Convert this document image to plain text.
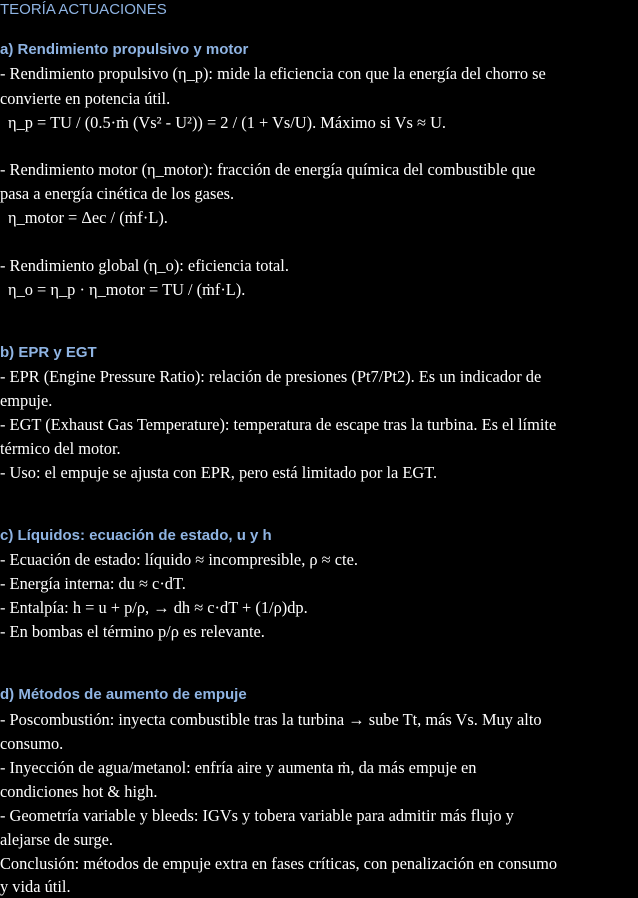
TEORÍA ACTUACIONES
a) Rendimiento propulsivo y motor
- Rendimiento propulsivo (η_p): mide la eficiencia con que la energía del chorro se
convierte en potencia útil.
η_p = TU / (0.5·ṁ (Vs² - U²)) = 2 / (1 + Vs/U). Máximo si Vs ≈ U.
- Rendimiento motor (η_motor): fracción de energía química del combustible que
pasa a energía cinética de los gases.
η_motor = Δec / (ṁf·L).
- Rendimiento global (η_o): eficiencia total.
η_o = η_p · η_motor = TU / (ṁf·L).
b) EPR y EGT
- EPR (Engine Pressure Ratio): relación de presiones (Pt7/Pt2). Es un indicador de
empuje.
- EGT (Exhaust Gas Temperature): temperatura de escape tras la turbina. Es el límite
térmico del motor.
- Uso: el empuje se ajusta con EPR, pero está limitado por la EGT.
c) Líquidos: ecuación de estado, u y h
- Ecuación de estado: líquido ≈ incompresible, ρ ≈ cte.
- Energía interna: du ≈ c·dT.
- Entalpía: h = u + p/ρ, → dh ≈ c·dT + (1/ρ)dp.
- En bombas el término p/ρ es relevante.
d) Métodos de aumento de empuje
- Poscombustión: inyecta combustible tras la turbina → sube Tt, más Vs. Muy alto
consumo.
- Inyección de agua/metanol: enfría aire y aumenta ṁ, da más empuje en
condiciones hot & high.
- Geometría variable y bleeds: IGVs y tobera variable para admitir más flujo y
alejarse de surge.
Conclusión: métodos de empuje extra en fases críticas, con penalización en consumo
y vida útil.
